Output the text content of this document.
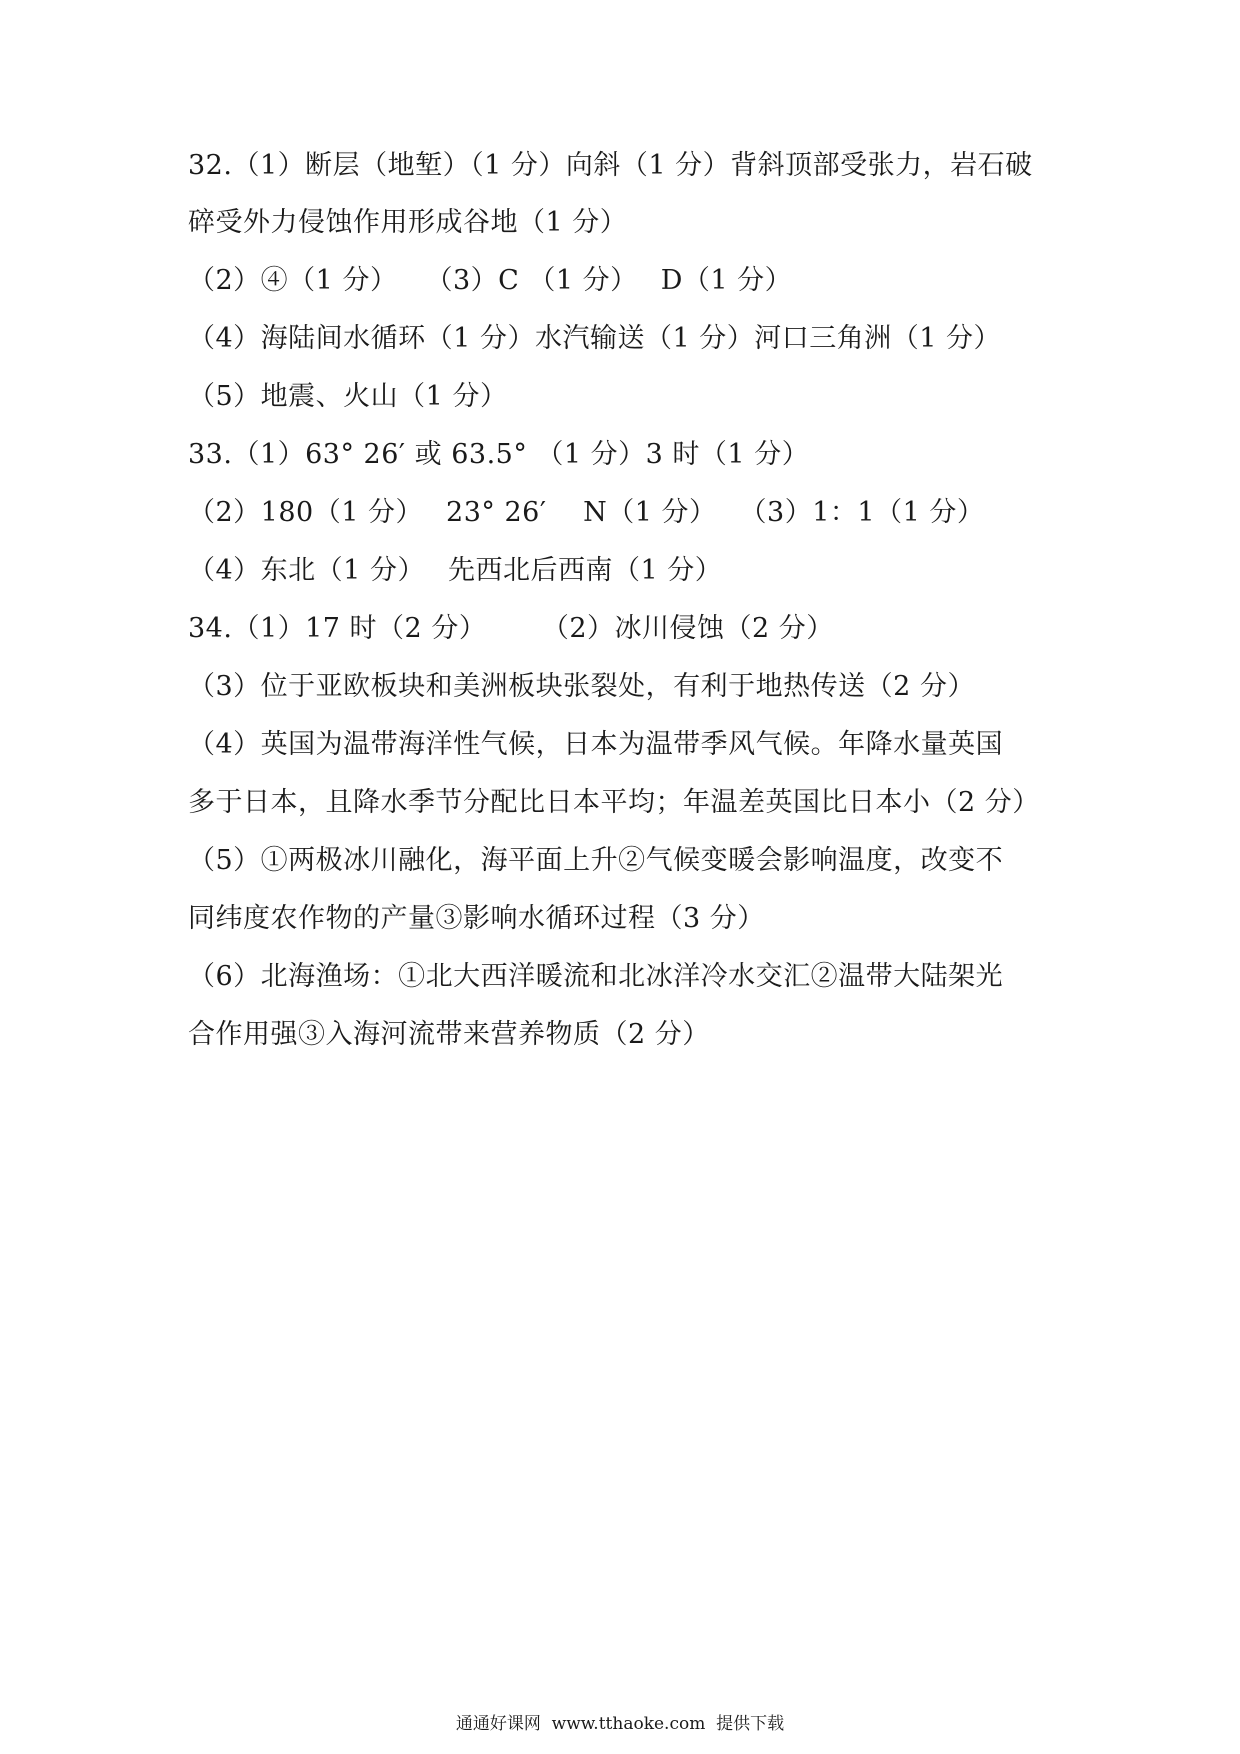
32.（1）断层（地堑）（1 分）向斜（1 分）背斜顶部受张力，岩石破
碎受外力侵蚀作用形成谷地（1 分）
（2）④（1 分）　　（3）C （1 分）　 D（1 分）
（4）海陆间水循环（1 分）水汽输送（1 分）河口三角洲（1 分）
（5）地震、火山（1 分）
33.（1）63° 26′ 或 63.5° （1 分）3 时（1 分）
（2）180（1 分）　 23° 26′ 　N（1 分）　 （3）1：1（1 分）
（4）东北（1 分）　 先西北后西南（1 分）
34.（1）17 时（2 分）　　　（2）冰川侵蚀（2 分）
（3）位于亚欧板块和美洲板块张裂处，有利于地热传送（2 分）
（4）英国为温带海洋性气候，日本为温带季风气候。年降水量英国
多于日本，且降水季节分配比日本平均；年温差英国比日本小（2 分）
（5）①两极冰川融化，海平面上升②气候变暖会影响温度，改变不
同纬度农作物的产量③影响水循环过程（3 分）
（6）北海渔场：①北大西洋暖流和北冰洋冷水交汇②温带大陆架光
合作用强③入海河流带来营养物质（2 分）
通通好课网  www.tthaoke.com  提供下载
